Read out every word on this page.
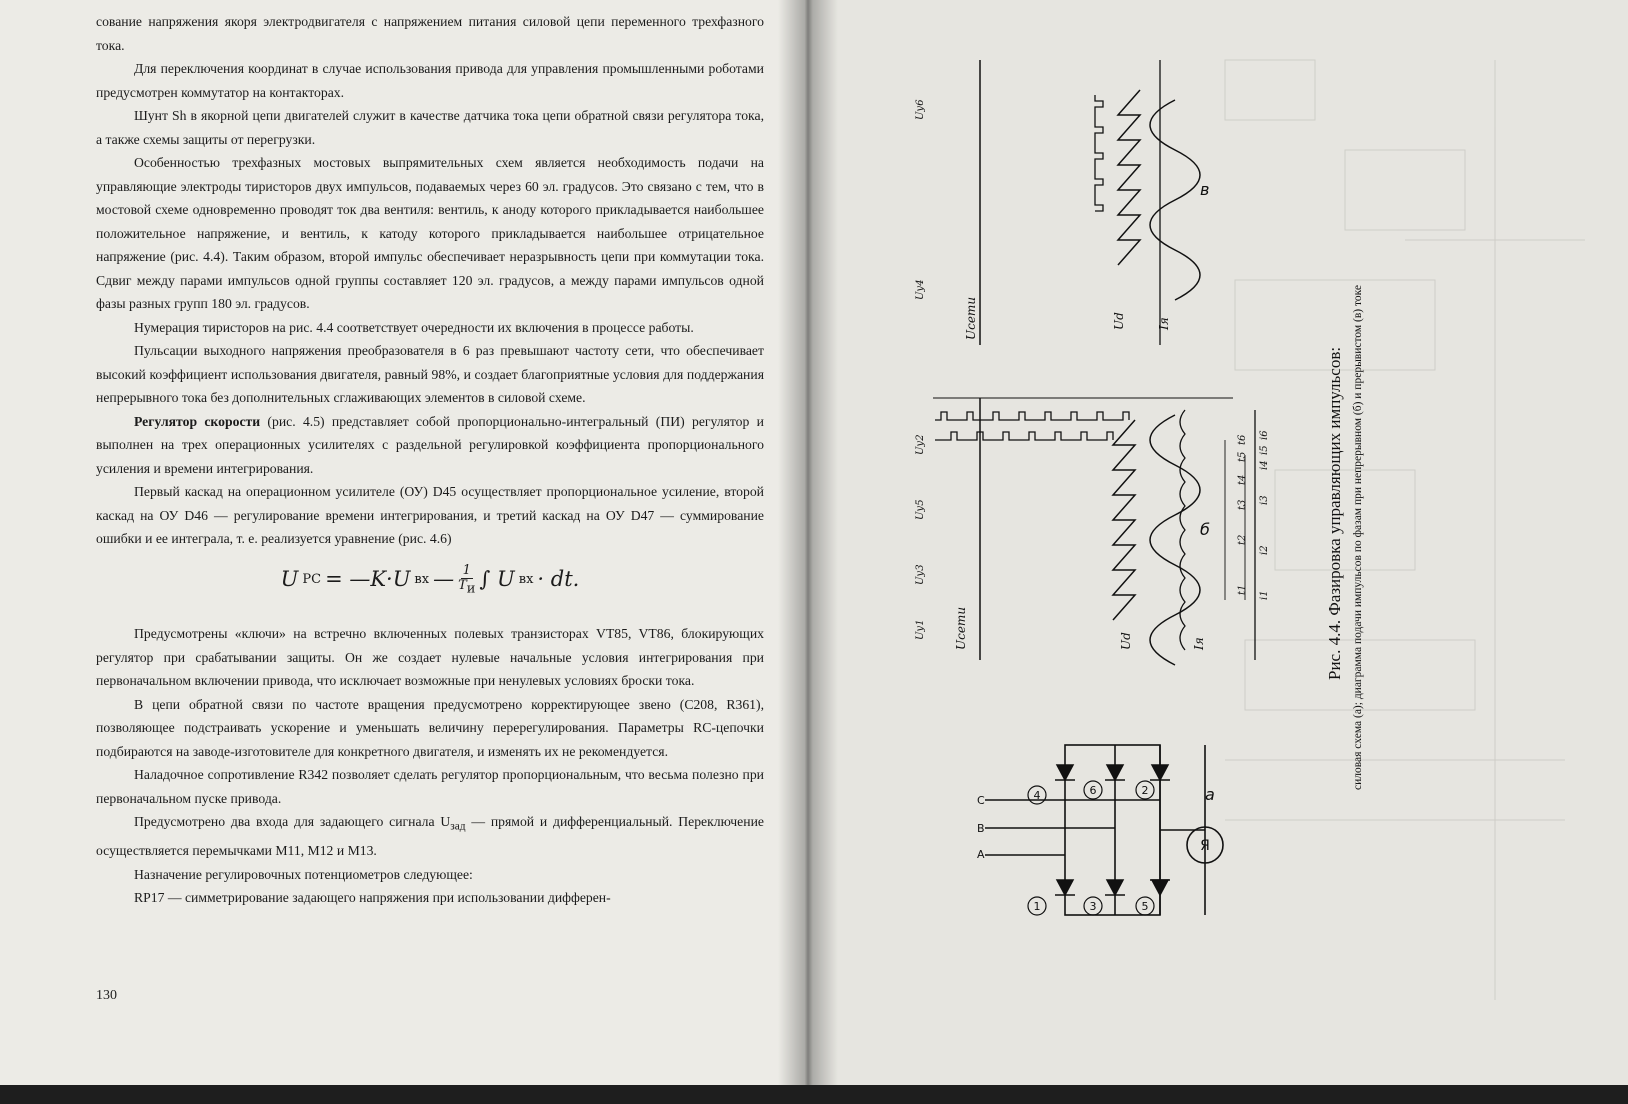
сование напряжения якоря электродвигателя с напряжением питания силовой цепи переменного трехфазного тока.

Для переключения координат в случае использования привода для управления промышленными роботами предусмотрен коммутатор на контакторах.

Шунт Sh в якорной цепи двигателей служит в качестве датчика тока цепи обратной связи регулятора тока, а также схемы защиты от перегрузки.

Особенностью трехфазных мостовых выпрямительных схем является необходимость подачи на управляющие электроды тиристоров двух импульсов, подаваемых через 60 эл. градусов. Это связано с тем, что в мостовой схеме одновременно проводят ток два вентиля: вентиль, к аноду которого прикладывается наибольшее положительное напряжение, и вентиль, к катоду которого прикладывается наибольшее отрицательное напряжение (рис. 4.4). Таким образом, второй импульс обеспечивает неразрывность цепи при коммутации тока. Сдвиг между парами импульсов одной группы составляет 120 эл. градусов, а между парами импульсов одной фазы разных групп 180 эл. градусов.

Нумерация тиристоров на рис. 4.4 соответствует очередности их включения в процессе работы.

Пульсации выходного напряжения преобразователя в 6 раз превышают частоту сети, что обеспечивает высокий коэффициент использования двигателя, равный 98%, и создает благоприятные условия для поддержания непрерывного тока без дополнительных сглаживающих элементов в силовой схеме.

Регулятор скорости (рис. 4.5) представляет собой пропорционально-интегральный (ПИ) регулятор и выполнен на трех операционных усилителях с раздельной регулировкой коэффициента пропорционального усиления и времени интегрирования.

Первый каскад на операционном усилителе (ОУ) D45 осуществляет пропорциональное усиление, второй каскад на ОУ D46 — регулирование времени интегрирования, и третий каскад на ОУ D47 — суммирование ошибки и ее интеграла, т. е. реализуется уравнение (рис. 4.6)

U РС = —K·U вх — $\frac{1}{T_и}$ ∫ U вх · dt.

Предусмотрены «ключи» на встречно включенных полевых транзисторах VT85, VT86, блокирующих регулятор при срабатывании защиты. Он же создает нулевые начальные условия интегрирования при первоначальном включении привода, что исключает возможные при ненулевых условиях броски тока.

В цепи обратной связи по частоте вращения предусмотрено корректирующее звено (C208, R361), позволяющее подстраивать ускорение и уменьшать величину перерегулирования. Параметры RC-цепочки подбираются на заводе-изготовителе для конкретного двигателя, и изменять их не рекомендуется.

Наладочное сопротивление R342 позволяет сделать регулятор пропорциональным, что весьма полезно при первоначальном пуске привода.

Предусмотрено два входа для задающего сигнала $U_{зад}$ — прямой и дифференциальный. Переключение осуществляется перемычками M11, M12 и M13.

Назначение регулировочных потенциометров следующее:

RP17 — симметрирование задающего напряжения при использовании дифферен-

130
1
2
3
4
5
6
Я
A
B
C	а
б
в
Uсети	Ud	Iя
Uсети	Ud	Iя
Uу1
Uу3
Uу5
Uу2
Uу4
Uу6
i1
i2
i3
i4
i5
i6
t1
t2
t3
t4
t5
t6	Рис. 4.4. Фазировка управляющих импульсов: силовая схема (а); диаграмма подачи импульсов по фазам при непрерывном (б) и прерывистом (в) токе
